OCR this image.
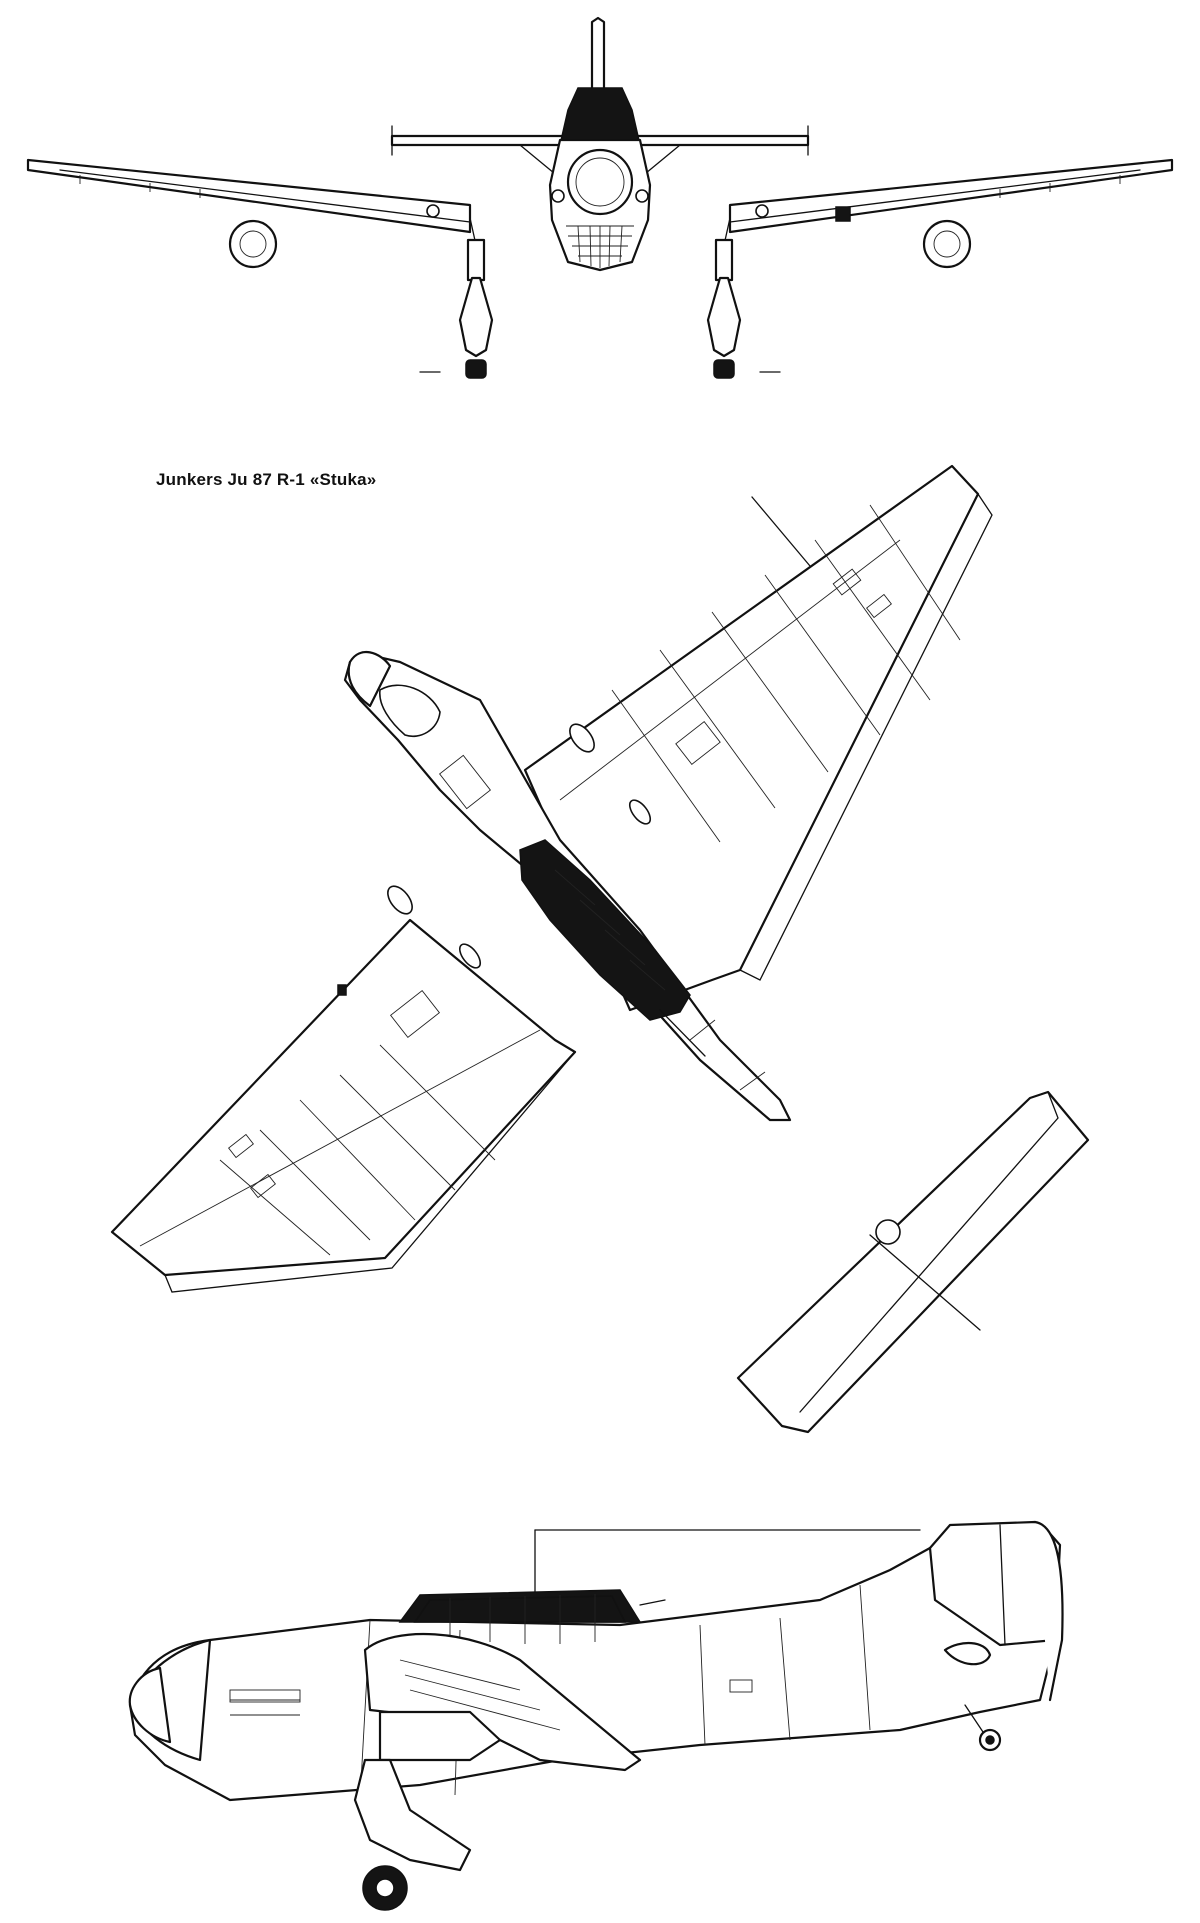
Junkers Ju 87 R-1 «Stuka»
